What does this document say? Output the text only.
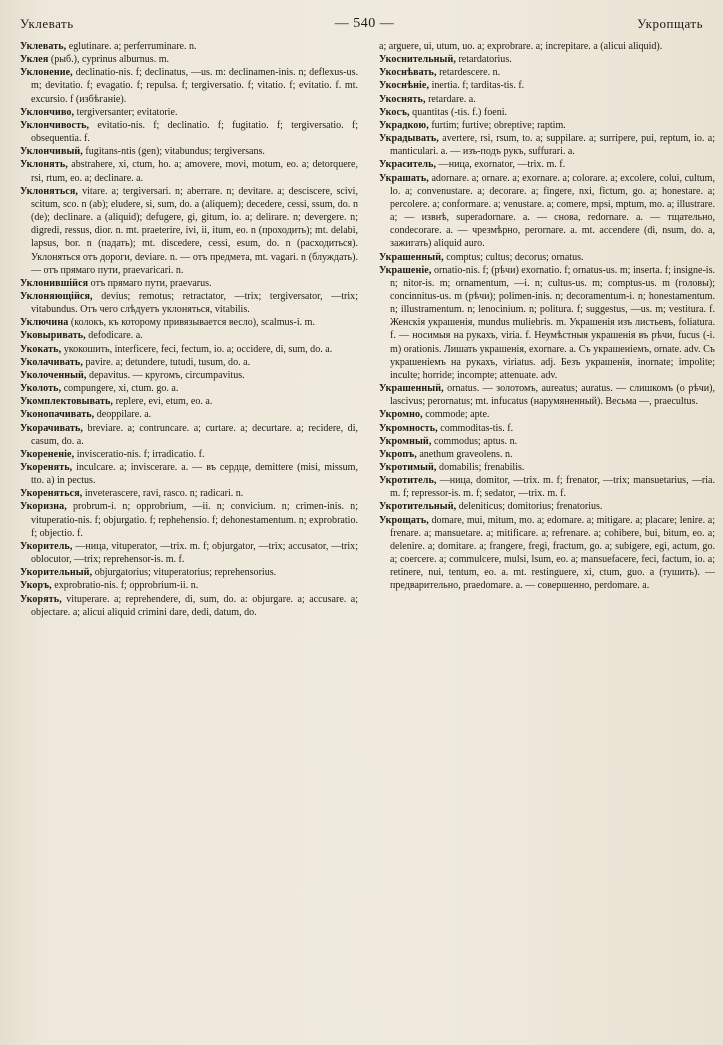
Уклевать	— 540 —	Укропщать

Уклевать, eglutinare. a; perferruminare. n.

Уклея (рыб.), cyprinus alburnus. m.

Уклонение, declinatio-nis. f; declinatus, —us. m: declinamen-inis. n; deflexus-us. m; devitatio. f; evagatio. f; repulsa. f; tergiversatio. f; vitatio. f; evitatio. f. mt. excursio. f (избѣганіе).

Уклончиво, tergiversanter; evitatorie.

Уклончивость, evitatio-nis. f; declinatio. f; fugitatio. f; tergiversatio. f; obsequentia. f.

Уклончивый, fugitans-ntis (gen); vitabundus; tergiversans.

Уклонять, abstrahere, xi, ctum, ho. a; amovere, movi, motum, eo. a; detorquere, rsi, rtum, eo. a; declinare. a.

Уклоняться, vitare. a; tergiversari. n; aberrare. n; devitare. a; desciscere, scivi, scitum, sco. n (ab); eludere, si, sum, do. a (aliquem); decedere, cessi, ssum, do. n (de); declinare. a (aliquid); defugere, gi, gitum, io. a; delirare. n; devergere. n; digredi, ressus, dior. n. mt. praeterire, ivi, ii, itum, eo. n (проходить); mt. delabi, lapsus, bor. n (падать); mt. discedere, cessi, esum, do. n (расходиться). Уклоняться отъ дороги, deviare. n. — отъ предмета, mt. vagari. n (блуждать). — отъ прямаго пути, praevaricari. n.

Уклонившійся отъ прямаго пути, praevarus.

Уклоняющійся, devius; remotus; retractator, —trix; tergiversator, —trix; vitabundus. Отъ чего слѣдуетъ уклоняться, vitabilis.

Уключина (колокъ, къ которому привязывается весло), scalmus-i. m.

Уковыривать, defodicare. a.

Укокать, укокошить, interficere, feci, fectum, io. a; occidere, di, sum, do. a.

Уколачивать, pavire. a; detundere, tutudi, tusum, do. a.

Уколоченный, depavitus. — кругомъ, circumpavitus.

Уколоть, compungere, xi, ctum. go. a.

Укомплектовывать, replere, evi, etum, eo. a.

Уконопачивать, deoppilare. a.

Укорачивать, breviare. a; contruncare. a; curtare. a; decurtare. a; recidere, di, casum, do. a.

Укорененіе, invisceratio-nis. f; irradicatio. f.

Укоренять, inculcare. a; inviscerare. a. — въ сердце, demittere (misi, missum, tto. a) in pectus.

Укореняться, inveterascere, ravi, rasco. n; radicari. n.

Укоризна, probrum-i. n; opprobrium, —ii. n; convicium. n; crimen-inis. n; vituperatio-nis. f; objurgatio. f; rephehensio. f; dehonestamentum. n; exprobratio. f; objectio. f.

Укоритель, —ница, vituperator, —trix. m. f; objurgator, —trix; accusator, —trix; oblocutor, —trix; reprehensor-is. m. f.

Укорительный, objurgatorius; vituperatorius; reprehensorius.

Укоръ, exprobratio-nis. f; opprobrium-ii. n.

Укорять, vituperare. a; reprehendere, di, sum, do. a: objurgare. a; accusare. a; objectare. a; alicui aliquid crimini dare, dedi, datum, do.

a; arguere, ui, utum, uo. a; exprobrare. a; increpitare. a (alicui aliquid).

Укоснительный, retardatorius.

Укоснѣвать, retardescere. n.

Укоснѣніе, inertia. f; tarditas-tis. f.

Укоснять, retardare. a.

Укосъ, quantitas (-tis. f.) foeni.

Украдкою, furtim; furtive; obreptive; raptim.

Украдывать, avertere, rsi, rsum, to. a; suppilare. a; surripere, pui, reptum, io. a; manticulari. a. — изъ-подъ рукъ, suffurari. a.

Украситель, —ница, exornator, —trix. m. f.

Украшать, adornare. a; ornare. a; exornare. a; colorare. a; excolere, colui, cultum, lo. a; convenustare. a; decorare. a; fingere, nxi, fictum, go. a; honestare. a; percolere. a; conformare. a; venustare. a; comere, mpsi, mptum, mo. a; illustrare. a; — извнѣ, superadornare. a. — снова, redornare. a. — тщательно, condecorare. a. — чрезмѣрно, perornare. a. mt. accendere (di, nsum, do. a, зажигать) aliquid auro.

Украшенный, comptus; cultus; decorus; ornatus.

Украшеніе, ornatio-nis. f; (рѣчи) exornatio. f; ornatus-us. m; inserta. f; insigne-is. n; nitor-is. m; ornamentum, —i. n; cultus-us. m; comptus-us. m (головы); concinnitus-us. m (рѣчи); polimen-inis. n; decoramentum-i. n; honestamentum. n; illustramentum. n; lenocinium. n; politura. f; suggestus, —us. m; vestitura. f. Женскія украшенія, mundus muliebris. m. Украшенія изъ листьевъ, foliatura. f. — носимыя на рукахъ, viria. f. Неумѣстныя украшенія въ рѣчи, fucus (-i. m) orationis. Лишать украшенія, exornare. a. Съ украшеніемъ, ornate. adv. Съ украшеніемъ на рукахъ, viriatus. adj. Безъ украшенія, inornate; impolite; inculte; horride; incompte; attenuate. adv.

Украшенный, ornatus. — золотомъ, aureatus; auratus. — слишкомъ (о рѣчи), lascivus; perornatus; mt. infucatus (нарумяненный). Весьма —, praecultus.

Укромно, commode; apte.

Укромность, commoditas-tis. f.

Укромный, commodus; aptus. n.

Укропъ, anethum graveolens. n.

Укротимый, domabilis; frenabilis.

Укротитель, —ница, domitor, —trix. m. f; frenator, —trix; mansuetarius, —ria. m. f; repressor-is. m. f; sedator, —trix. m. f.

Укротительный, deleniticus; domitorius; frenatorius.

Укрощать, domare, mui, mitum, mo. a; edomare. a; mitigare. a; placare; lenire. a; frenare. a; mansuetare. a; mitificare. a; refrenare. a; cohibere, bui, bitum, eo. a; delenire. a; domitare. a; frangere, fregi, fractum, go. a; subigere, egi, actum, go. a; coercere. a; commulcere, mulsi, lsum, eo. a; mansuefacere, feci, factum, io. a; retinere, nui, tentum, eo. a. mt. restinguere, xi, ctum, guo. a (тушить). — предварительно, praedomare. a. — совершенно, perdomare. a.
